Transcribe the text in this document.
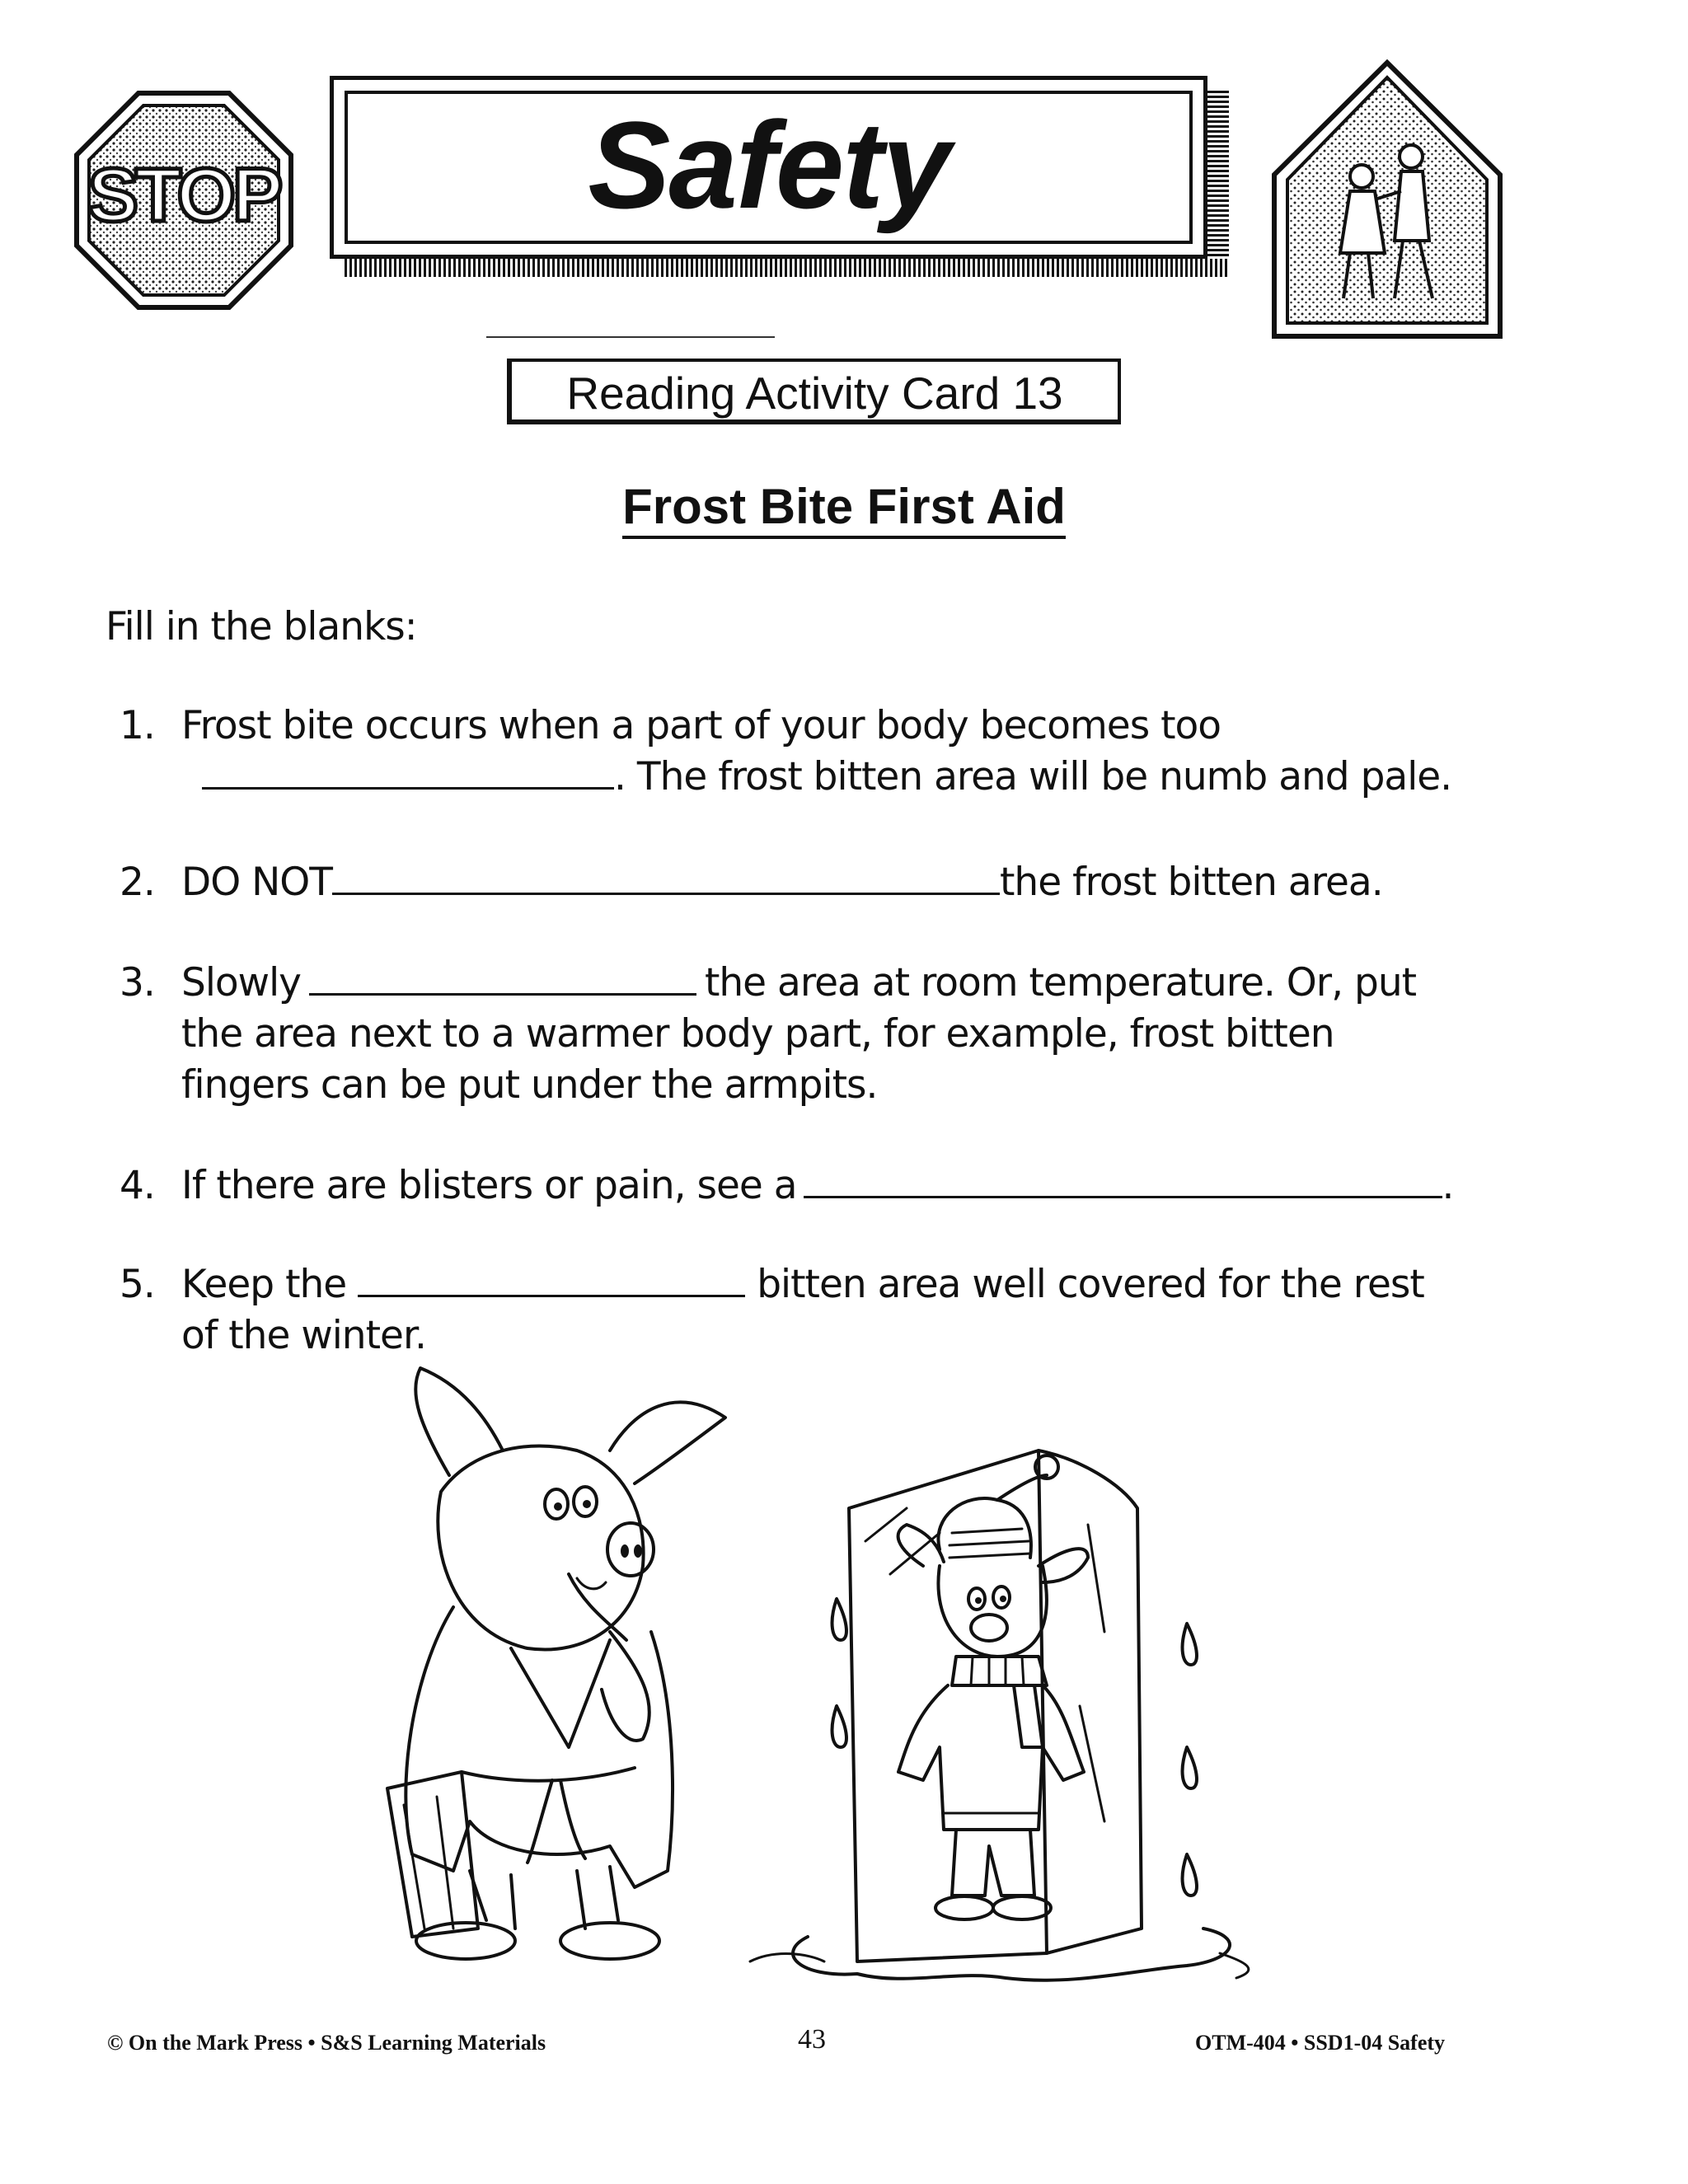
STOP	Safety
Reading Activity Card 13
Frost Bite First Aid
Fill in the blanks:
1. Frost bite occurs when a part of your body becomes too
. The frost bitten area will be numb and pale.
2. DO NOT	the frost bitten area.
3. Slowly	the area at room temperature. Or, put
the area next to a warmer body part, for example, frost bitten
fingers can be put under the armpits.
4. If there are blisters or pain, see a	.
5. Keep the	bitten area well covered for the rest
of the winter.
© On the Mark Press • S&S Learning Materials	43	OTM-404 • SSD1-04 Safety
